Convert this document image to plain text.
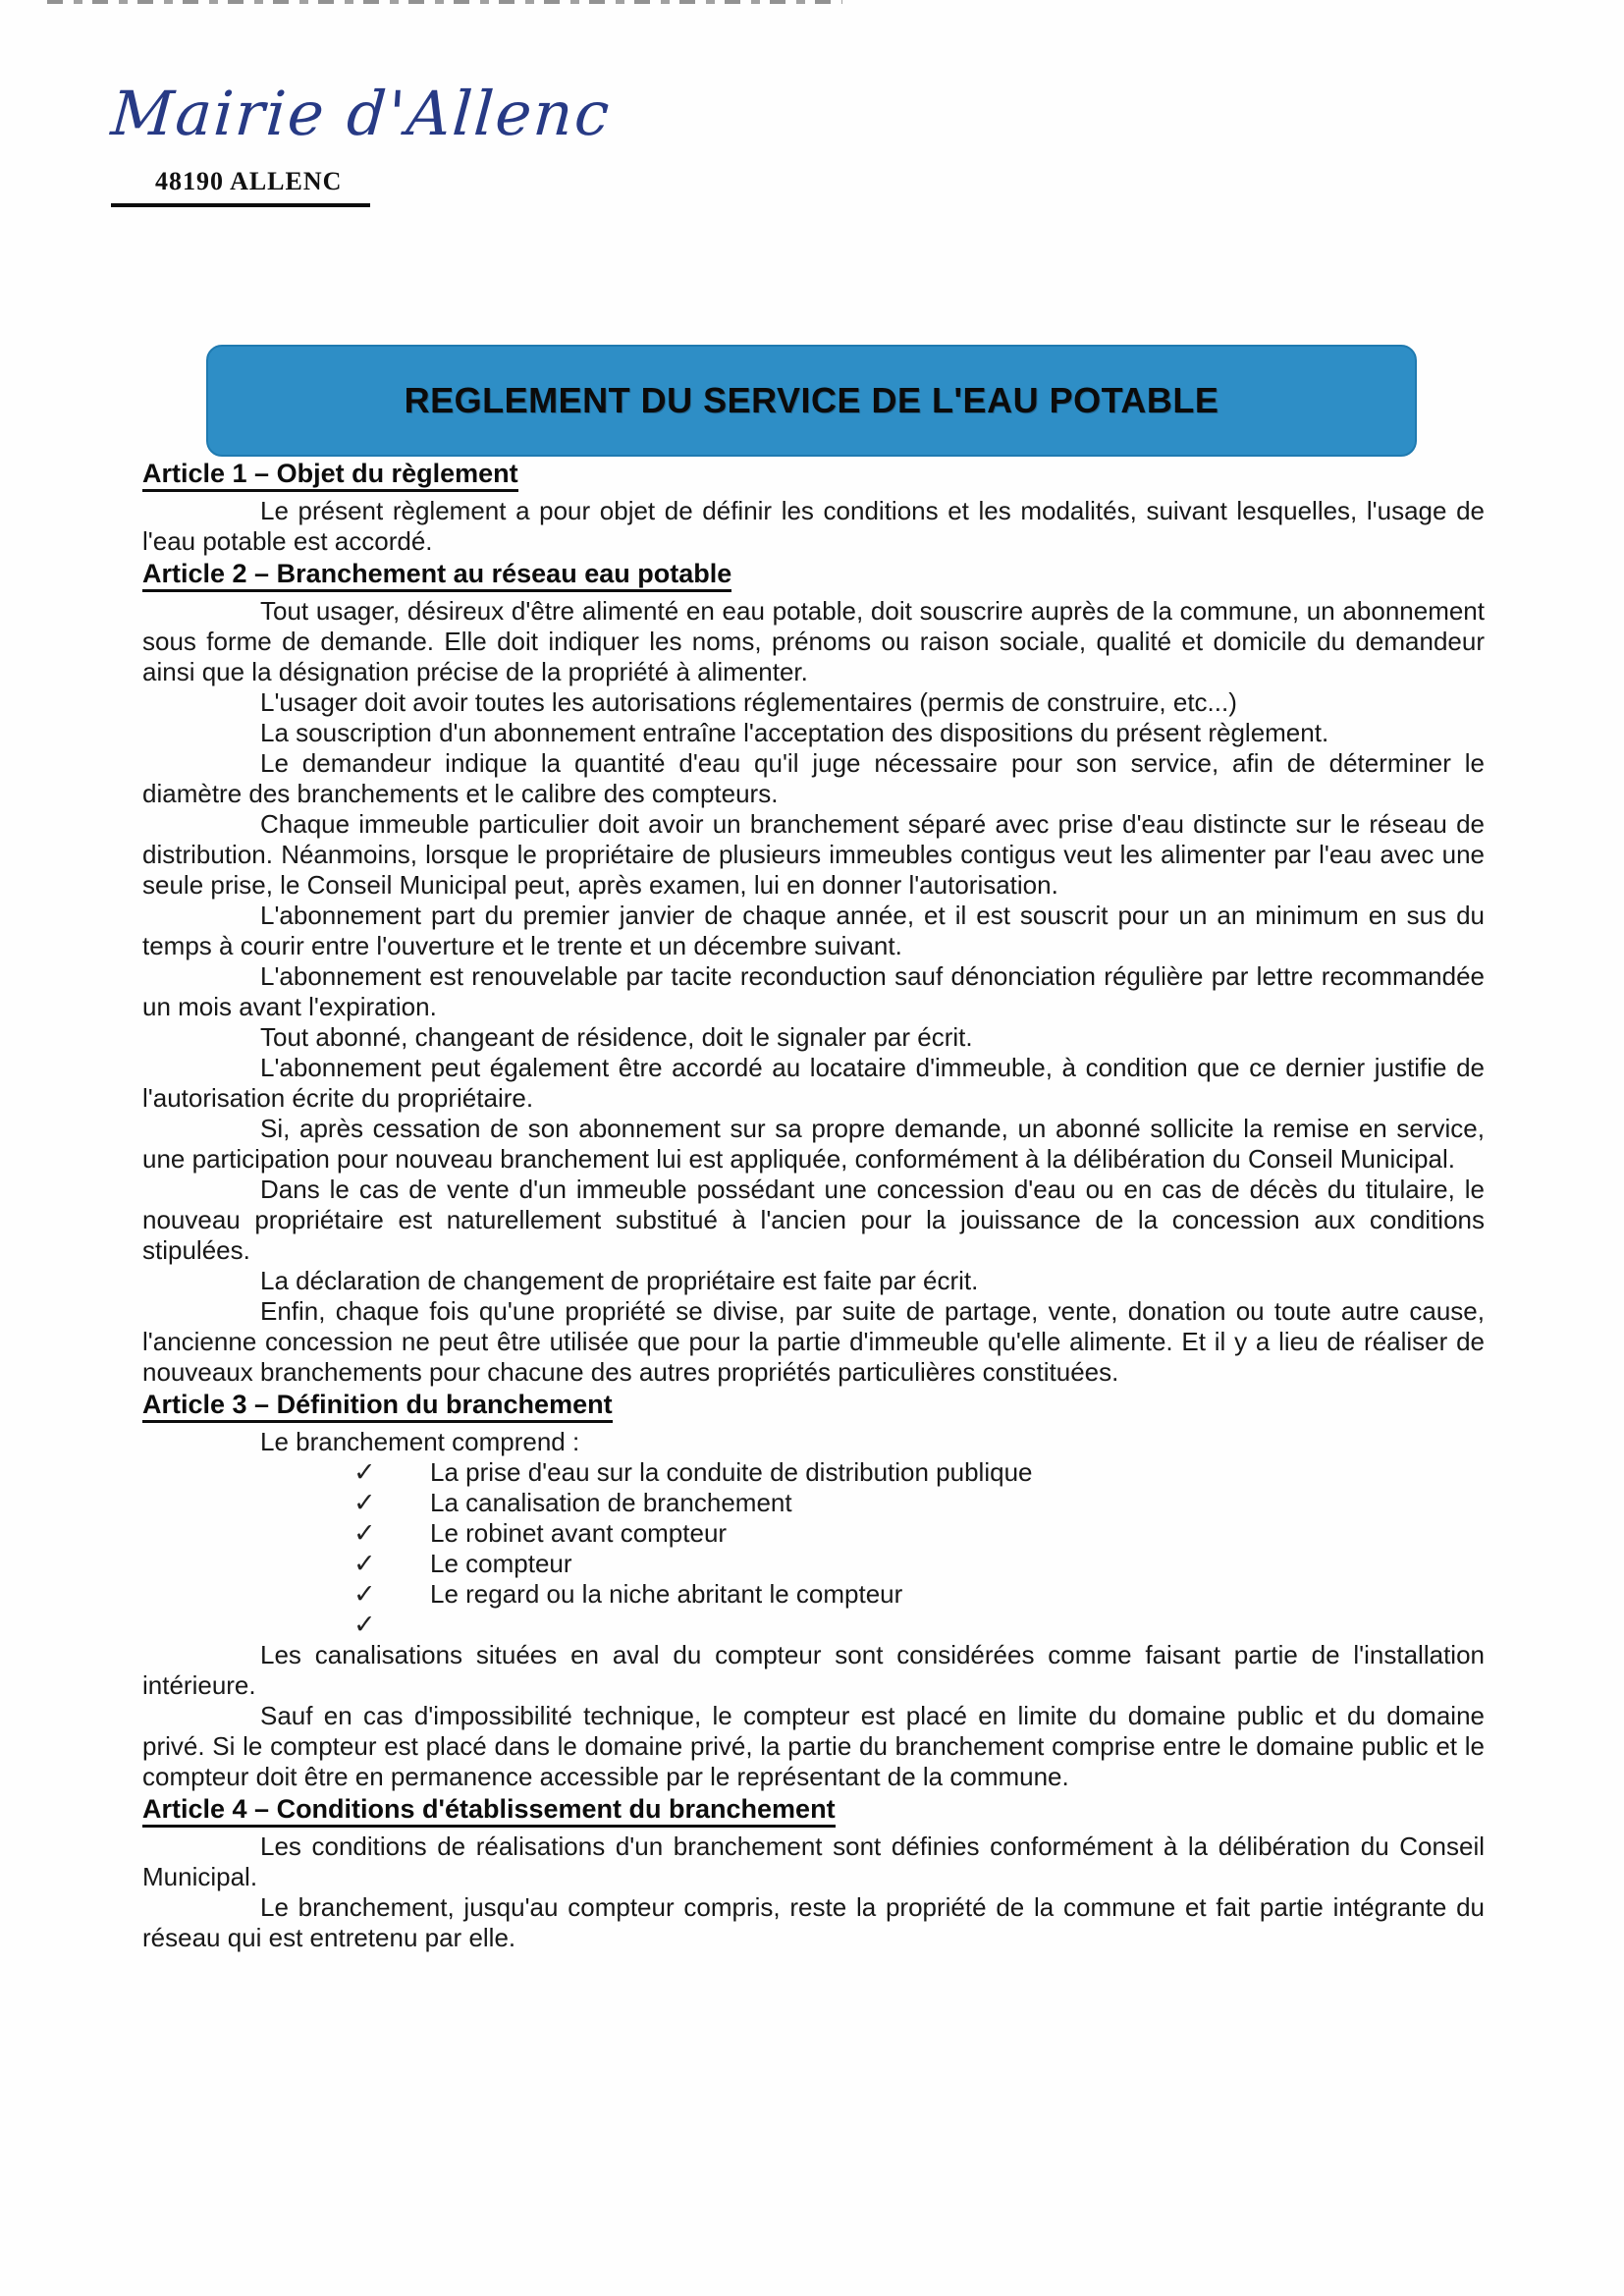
Mairie d'Allenc
48190 ALLENC
REGLEMENT DU SERVICE DE L'EAU POTABLE
Article 1 – Objet du règlement

Le présent règlement a pour objet de définir les conditions et les modalités, suivant lesquelles, l'usage de l'eau potable est accordé.

Article 2 – Branchement au réseau eau potable

Tout usager, désireux d'être alimenté en eau potable, doit souscrire auprès de la commune, un abonnement sous forme de demande. Elle doit indiquer les noms, prénoms ou raison sociale, qualité et domicile du demandeur ainsi que la désignation précise de la propriété à alimenter.

L'usager doit avoir toutes les autorisations réglementaires (permis de construire, etc...)

La souscription d'un abonnement entraîne l'acceptation des dispositions du présent règlement.

Le demandeur indique la quantité d'eau qu'il juge nécessaire pour son service, afin de déterminer le diamètre des branchements et le calibre des compteurs.

Chaque immeuble particulier doit avoir un branchement séparé avec prise d'eau distincte sur le réseau de distribution. Néanmoins, lorsque le propriétaire de plusieurs immeubles contigus veut les alimenter par l'eau avec une seule prise, le Conseil Municipal peut, après examen, lui en donner l'autorisation.

L'abonnement part du premier janvier de chaque année, et il est souscrit pour un an minimum en sus du temps à courir entre l'ouverture et le trente et un décembre suivant.

L'abonnement est renouvelable par tacite reconduction sauf dénonciation régulière par lettre recommandée un mois avant l'expiration.

Tout abonné, changeant de résidence, doit le signaler par écrit.

L'abonnement peut également être accordé au locataire d'immeuble, à condition que ce dernier justifie de l'autorisation écrite du propriétaire.

Si, après cessation de son abonnement sur sa propre demande, un abonné sollicite la remise en service, une participation pour nouveau branchement lui est appliquée, conformément à la délibération du Conseil Municipal.

Dans le cas de vente d'un immeuble possédant une concession d'eau ou en cas de décès du titulaire, le nouveau propriétaire est naturellement substitué à l'ancien pour la jouissance de la concession aux conditions stipulées.

La déclaration de changement de propriétaire est faite par écrit.

Enfin, chaque fois qu'une propriété se divise, par suite de partage, vente, donation ou toute autre cause, l'ancienne concession ne peut être utilisée que pour la partie d'immeuble qu'elle alimente. Et il y a lieu de réaliser de nouveaux branchements pour chacune des autres propriétés particulières constituées.

Article 3 – Définition du branchement

Le branchement comprend :

✓ La prise d'eau sur la conduite de distribution publique
✓ La canalisation de branchement
✓ Le robinet avant compteur
✓ Le compteur
✓ Le regard ou la niche abritant le compteur
✓

Les canalisations situées en aval du compteur sont considérées comme faisant partie de l'installation intérieure.

Sauf en cas d'impossibilité technique, le compteur est placé en limite du domaine public et du domaine privé. Si le compteur est placé dans le domaine privé, la partie du branchement comprise entre le domaine public et le compteur doit être en permanence accessible par le représentant de la commune.

Article 4 – Conditions d'établissement du branchement

Les conditions de réalisations d'un branchement sont définies conformément à la délibération du Conseil Municipal.

Le branchement, jusqu'au compteur compris, reste la propriété de la commune et fait partie intégrante du réseau qui est entretenu par elle.
